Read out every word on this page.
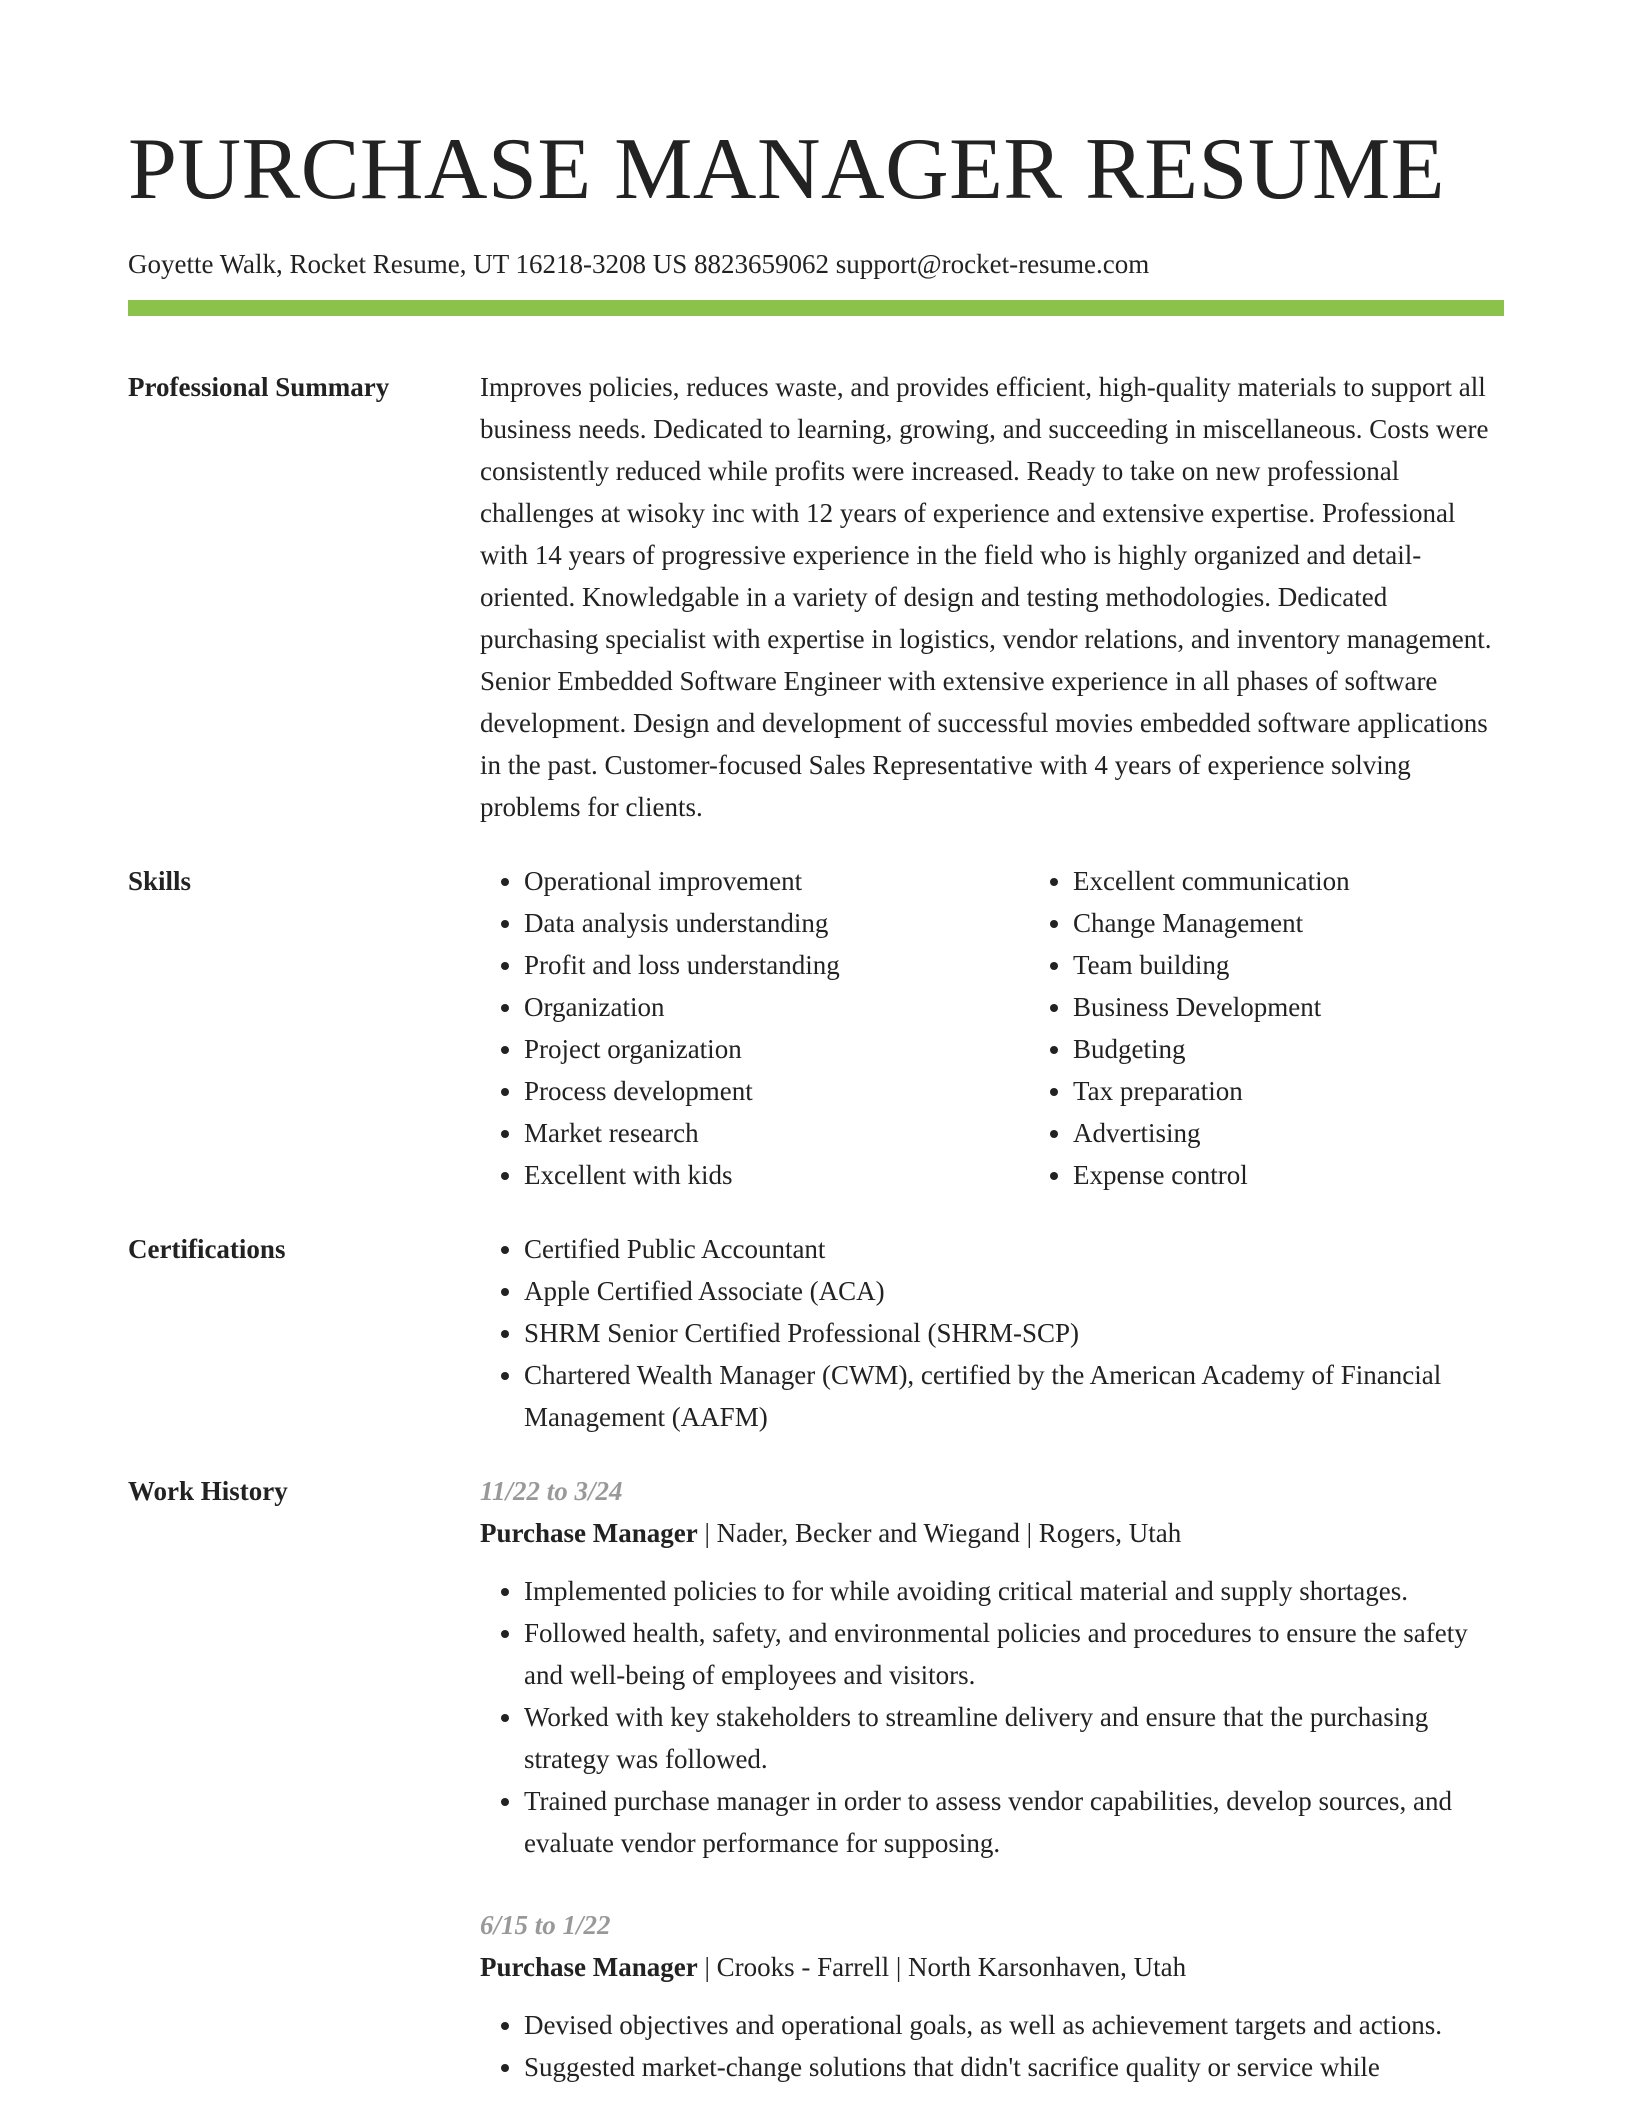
PURCHASE MANAGER RESUME
Goyette Walk, Rocket Resume, UT 16218-3208 US 8823659062 support@rocket-resume.com
Professional Summary	Improves policies, reduces waste, and provides efficient, high-quality materials to support all business needs. Dedicated to learning, growing, and succeeding in miscellaneous. Costs were consistently reduced while profits were increased. Ready to take on new professional challenges at wisoky inc with 12 years of experience and extensive expertise. Professional with 14 years of progressive experience in the field who is highly organized and detail-oriented. Knowledgable in a variety of design and testing methodologies. Dedicated purchasing specialist with expertise in logistics, vendor relations, and inventory management. Senior Embedded Software Engineer with extensive experience in all phases of software development. Design and development of successful movies embedded software applications in the past. Customer-focused Sales Representative with 4 years of experience solving problems for clients.

Skills	• Operational improvement
• Data analysis understanding
• Profit and loss understanding
• Organization
• Project organization
• Process development
• Market research
• Excellent with kids
• Excellent communication
• Change Management
• Team building
• Business Development
• Budgeting
• Tax preparation
• Advertising
• Expense control
Certifications	• Certified Public Accountant
• Apple Certified Associate (ACA)
• SHRM Senior Certified Professional (SHRM-SCP)
• Chartered Wealth Manager (CWM), certified by the American Academy of Financial Management (AAFM)
Work History	11/22 to 3/24
Purchase Manager | Nader, Becker and Wiegand | Rogers, Utah
• Implemented policies to for while avoiding critical material and supply shortages.
• Followed health, safety, and environmental policies and procedures to ensure the safety and well-being of employees and visitors.
• Worked with key stakeholders to streamline delivery and ensure that the purchasing strategy was followed.
• Trained purchase manager in order to assess vendor capabilities, develop sources, and evaluate vendor performance for supposing.
6/15 to 1/22
Purchase Manager | Crooks - Farrell | North Karsonhaven, Utah
• Devised objectives and operational goals, as well as achievement targets and actions.
• Suggested market-change solutions that didn't sacrifice quality or service while
